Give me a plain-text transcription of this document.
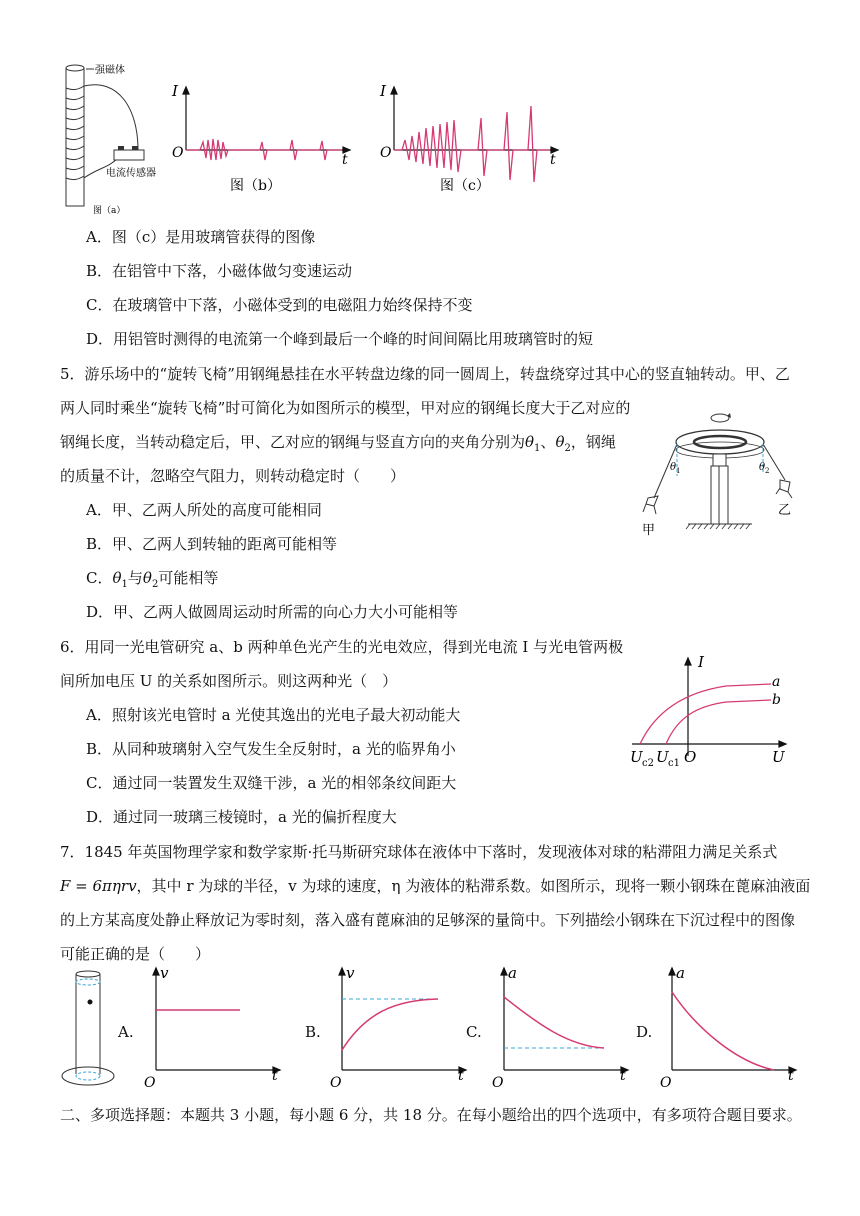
强磁体
电流传感器
图（a）
I
O	t
图（b）
I
O	t
图（c）
A．图（c）是用玻璃管获得的图像
B．在铝管中下落，小磁体做匀变速运动
C．在玻璃管中下落，小磁体受到的电磁阻力始终保持不变
D．用铝管时测得的电流第一个峰到最后一个峰的时间间隔比用玻璃管时的短
5．游乐场中的“旋转飞椅”用钢绳悬挂在水平转盘边缘的同一圆周上，转盘绕穿过其中心的竖直轴转动。甲、乙
两人同时乘坐“旋转飞椅”时可简化为如图所示的模型，甲对应的钢绳长度大于乙对应的
钢绳长度，当转动稳定后，甲、乙对应的钢绳与竖直方向的夹角分别为$\theta_1$、$\theta_2$，钢绳
的质量不计，忽略空气阻力，则转动稳定时（　　）
A．甲、乙两人所处的高度可能相同
B．甲、乙两人到转轴的距离可能相等
C．$\theta_1$与$\theta_2$可能相等
D．甲、乙两人做圆周运动时所需的向心力大小可能相等
θ 1	θ 2
甲
乙
6．用同一光电管研究 a、b 两种单色光产生的光电效应，得到光电流 I 与光电管两极
间所加电压 U 的关系如图所示。则这两种光（　）
A．照射该光电管时 a 光使其逸出的光电子最大初动能大
B．从同种玻璃射入空气发生全反射时，a 光的临界角小
C．通过同一装置发生双缝干涉，a 光的相邻条纹间距大
D．通过同一玻璃三棱镜时，a 光的偏折程度大
I
a
b
O	U
U c2 U c1
7．1845 年英国物理学家和数学家斯·托马斯研究球体在液体中下落时，发现液体对球的粘滞阻力满足关系式
F = 6πηrv，其中 r 为球的半径，v 为球的速度，η 为液体的粘滞系数。如图所示，现将一颗小钢珠在蓖麻油液面
的上方某高度处静止释放记为零时刻，落入盛有蓖麻油的足够深的量筒中。下列描绘小钢珠在下沉过程中的图像
可能正确的是（　　）
A.
v
O	t
B.
v
O	t
C.
a
O	t
D.
a
O	t
二、多项选择题：本题共 3 小题，每小题 6 分，共 18 分。在每小题给出的四个选项中，有多项符合题目要求。
